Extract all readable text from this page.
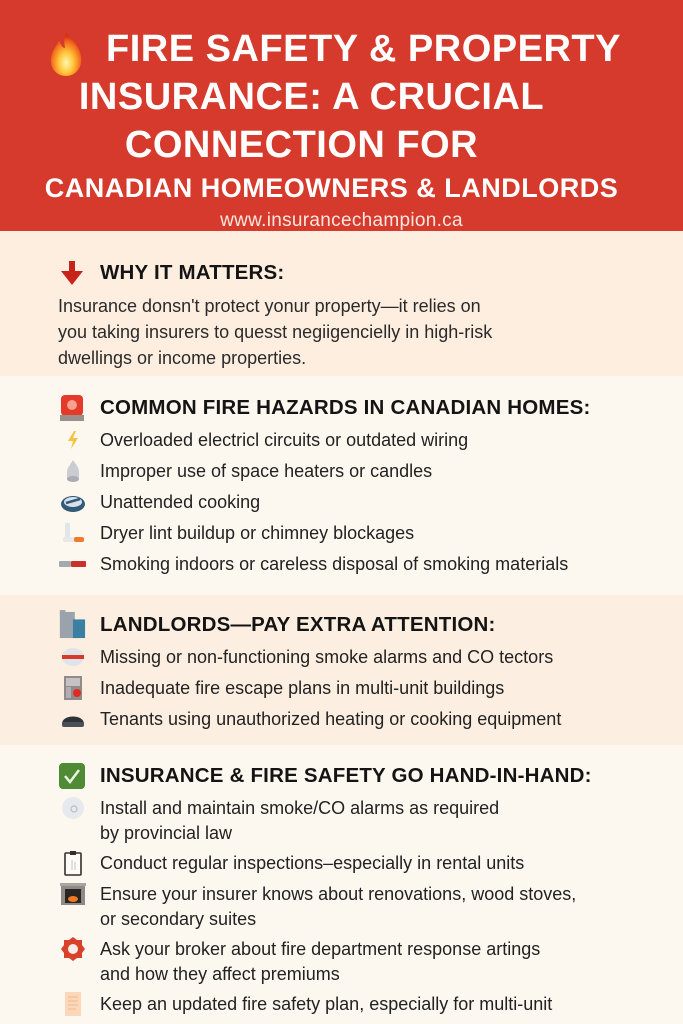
FIRE SAFETY & PROPERTY
INSURANCE: A CRUCIAL
CONNECTION FOR
CANADIAN HOMEOWNERS & LANDLORDS
www.insurancechampion.ca
WHY IT MATTERS:
Insurance donsn't protect yonur property—it relies on
you taking insurers to quesst negiigencielly in high-risk
dwellings or income properties.
COMMON FIRE HAZARDS IN CANADIAN HOMES:
Overloaded electricl circuits or outdated wiring
Improper use of space heaters or candles
Unattended cooking
Dryer lint buildup or chimney blockages
Smoking indoors or careless disposal of smoking materials
LANDLORDS—PAY EXTRA ATTENTION:
Missing or non-functioning smoke alarms and CO tectors
Inadequate fire escape plans in multi-unit buildings
Tenants using unauthorized heating or cooking equipment
INSURANCE & FIRE SAFETY GO HAND-IN-HAND:
Install and maintain smoke/CO alarms as required
by provincial law
Conduct regular inspections–especially in rental units
Ensure your insurer knows about renovations, wood stoves,
or secondary suites
Ask your broker about fire department response artings
and how they affect premiums
Keep an updated fire safety plan, especially for multi-unit
